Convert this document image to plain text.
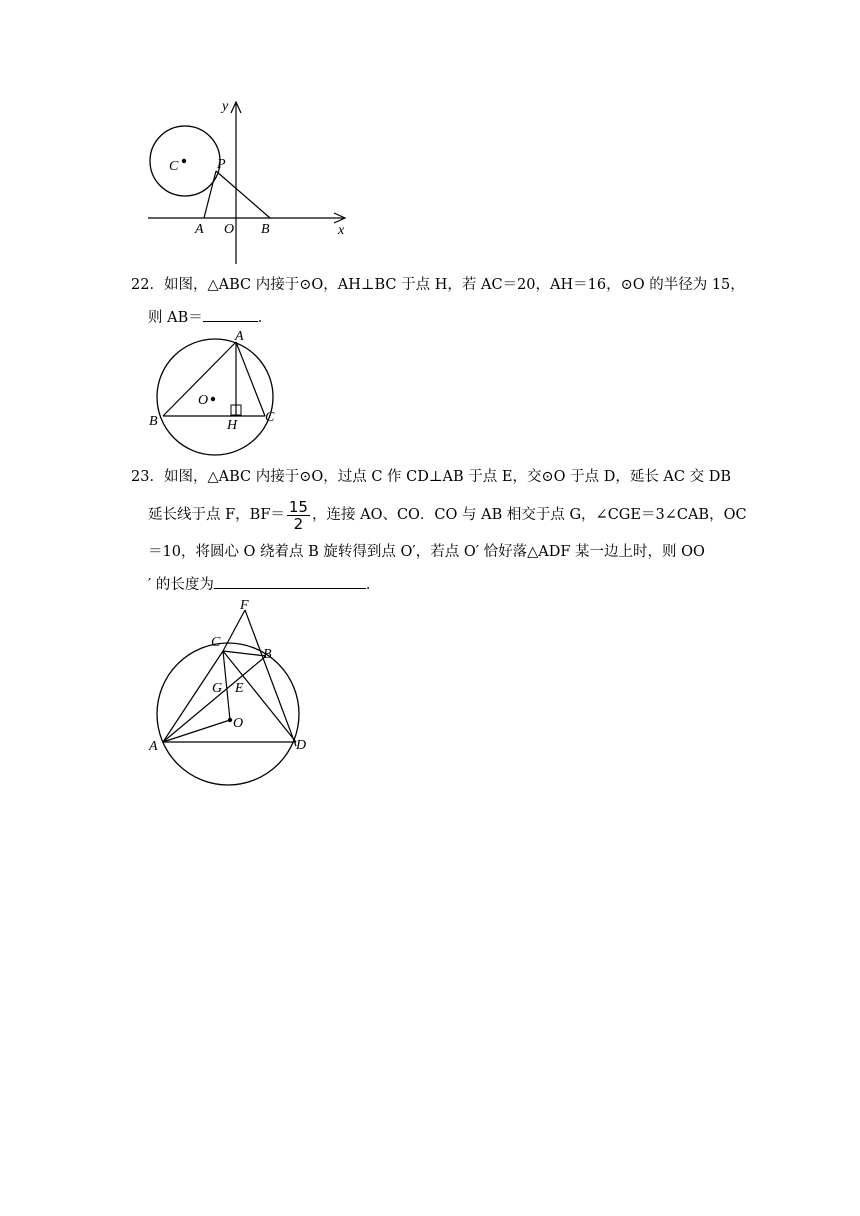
y
x
C	P
A O B
22．如图，△ABC 内接于⊙O，AH⊥BC 于点 H，若 AC＝20，AH＝16，⊙O 的半径为 15，
则 AB＝	．
A
B	C
H
O
23．如图，△ABC 内接于⊙O，过点 C 作 CD⊥AB 于点 E，交⊙O 于点 D，延长 AC 交 DB
延长线于点 F，$BF= \frac{15}{2}$ ，连接 AO、CO．CO 与 AB 相交于点 G，∠CGE＝3∠CAB，OC
＝10，将圆心 O 绕着点 B 旋转得到点 O′，若点 O′ 恰好落△ADF 某一边上时，则 OO
′ 的长度为	．
F
C
B
G E
O
A	D
